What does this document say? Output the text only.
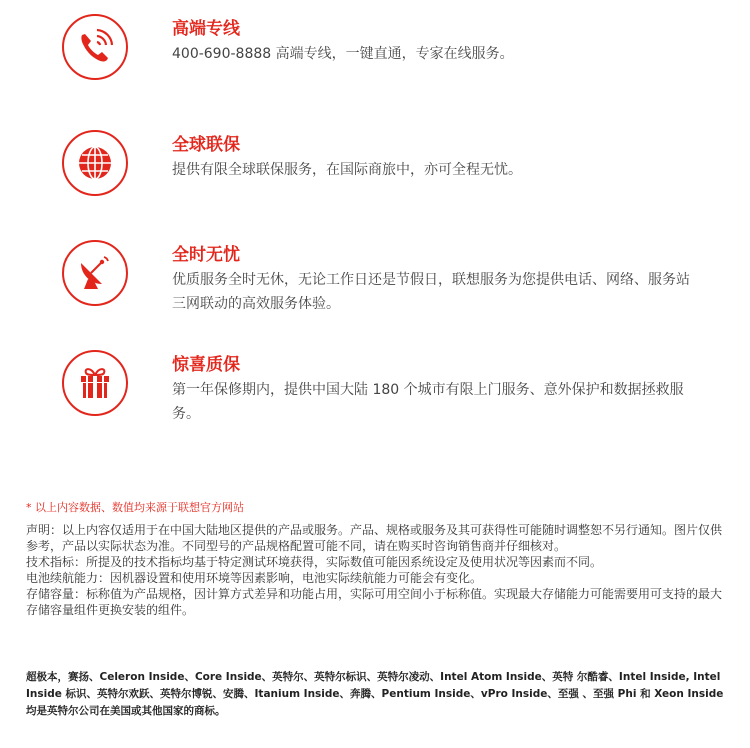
高端专线
400-690-8888 高端专线，一键直通，专家在线服务。
全球联保
提供有限全球联保服务，在国际商旅中，亦可全程无忧。
全时无忧
优质服务全时无休，无论工作日还是节假日，联想服务为您提供电话、网络、服务站三网联动的高效服务体验。
惊喜质保
第一年保修期内，提供中国大陆 180 个城市有限上门服务、意外保护和数据拯救服务。
* 以上内容数据、数值均来源于联想官方网站

声明：以上内容仅适用于在中国大陆地区提供的产品或服务。产品、规格或服务及其可获得性可能随时调整恕不另行通知。图片仅供参考，产品以实际状态为准。不同型号的产品规格配置可能不同，请在购买时咨询销售商并仔细核对。

技术指标：所提及的技术指标均基于特定测试环境获得，实际数值可能因系统设定及使用状况等因素而不同。

电池续航能力：因机器设置和使用环境等因素影响，电池实际续航能力可能会有变化。

存储容量：标称值为产品规格，因计算方式差异和功能占用，实际可用空间小于标称值。实现最大存储能力可能需要用可支持的最大存储容量组件更换安装的组件。

超极本，赛扬、Celeron Inside、Core Inside、英特尔、英特尔标识、英特尔凌动、Intel Atom Inside、英特 尔酷睿、Intel Inside, Intel Inside 标识、英特尔欢跃、英特尔博锐、安腾、Itanium Inside、奔腾、Pentium Inside、vPro Inside、至强 、至强 Phi 和 Xeon Inside 均是英特尔公司在美国或其他国家的商标。
